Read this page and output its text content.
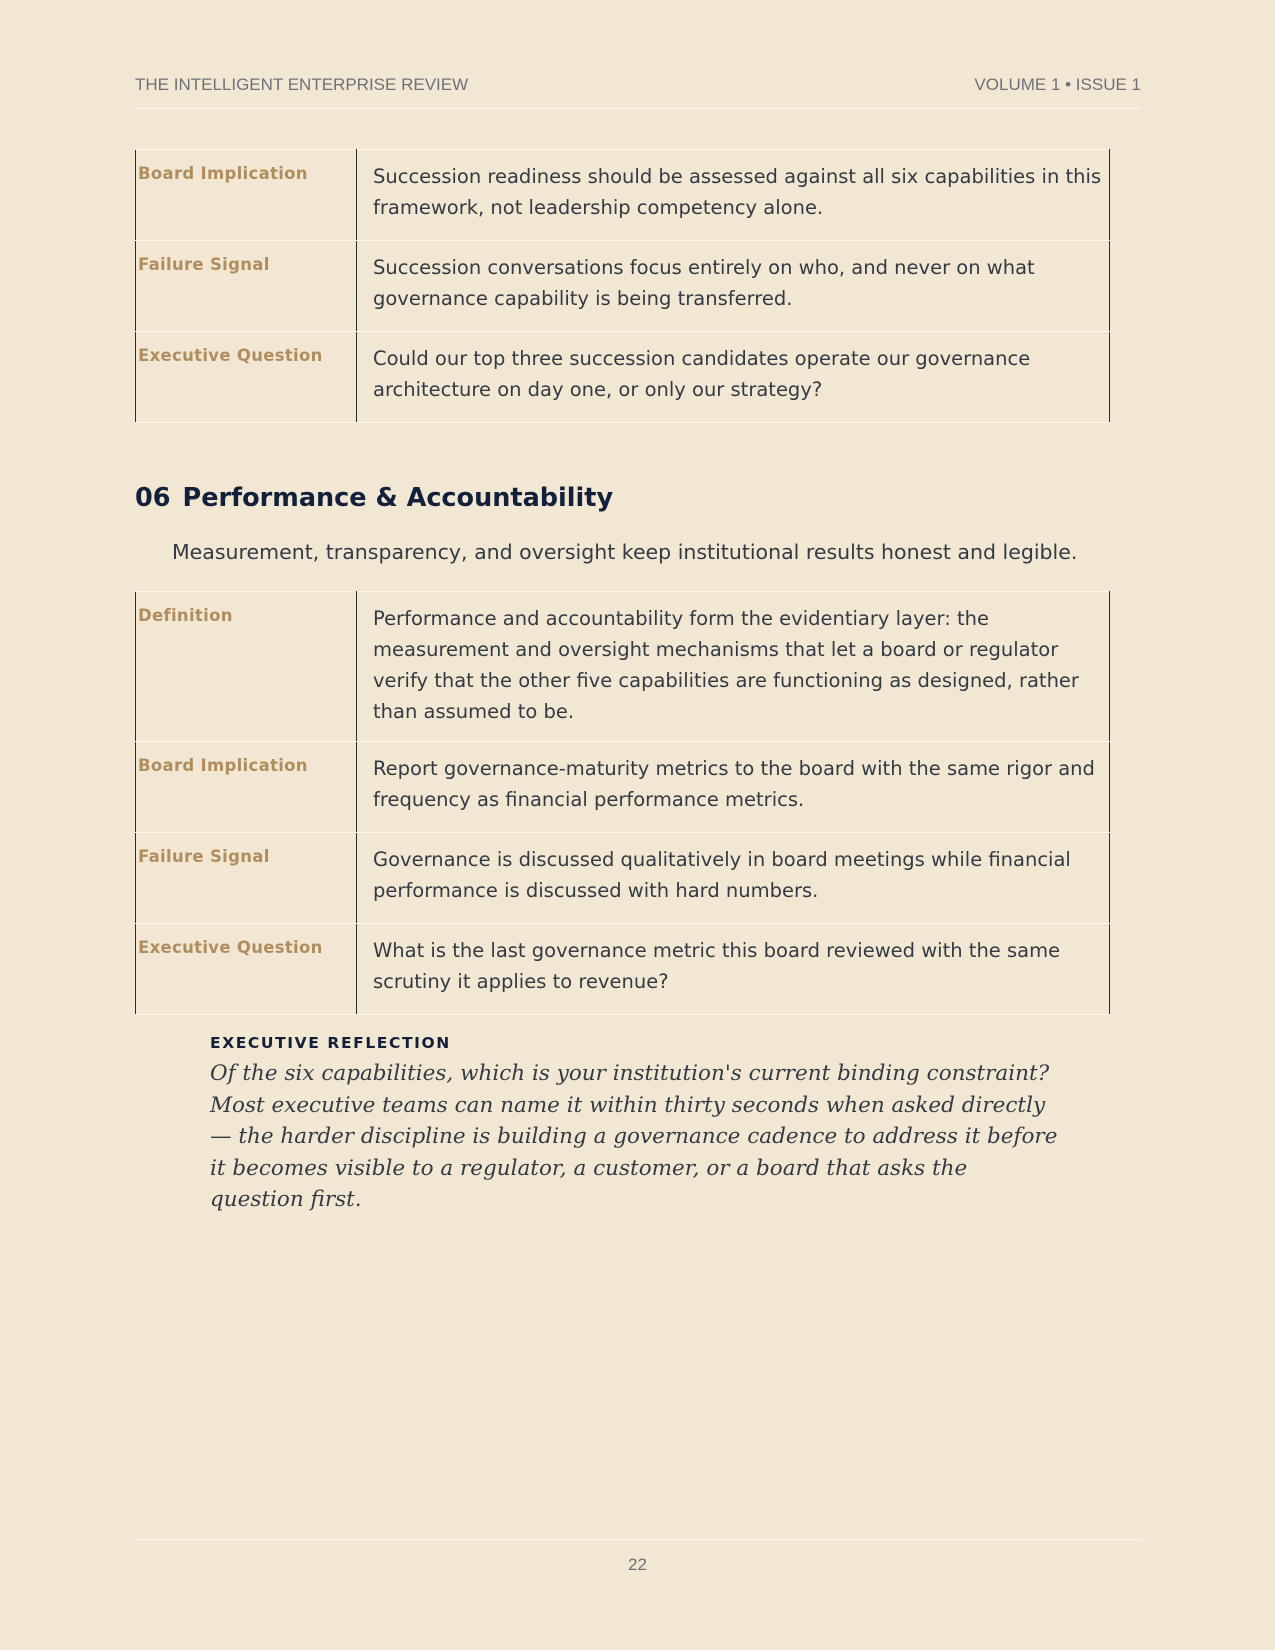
THE INTELLIGENT ENTERPRISE REVIEW	VOLUME 1 • ISSUE 1
Board Implication	Succession readiness should be assessed against all six capabilities in this framework, not leadership competency alone.
Failure Signal	Succession conversations focus entirely on who, and never on what governance capability is being transferred.
Executive Question	Could our top three succession candidates operate our governance architecture on day one, or only our strategy?
06 Performance & Accountability
Measurement, transparency, and oversight keep institutional results honest and legible.
Definition	Performance and accountability form the evidentiary layer: the measurement and oversight mechanisms that let a board or regulator verify that the other five capabilities are functioning as designed, rather than assumed to be.
Board Implication	Report governance-maturity metrics to the board with the same rigor and frequency as financial performance metrics.
Failure Signal	Governance is discussed qualitatively in board meetings while financial performance is discussed with hard numbers.
Executive Question	What is the last governance metric this board reviewed with the same scrutiny it applies to revenue?
EXECUTIVE REFLECTION
Of the six capabilities, which is your institution's current binding constraint? Most executive teams can name it within thirty seconds when asked directly — the harder discipline is building a governance cadence to address it before it becomes visible to a regulator, a customer, or a board that asks the question first.
22
